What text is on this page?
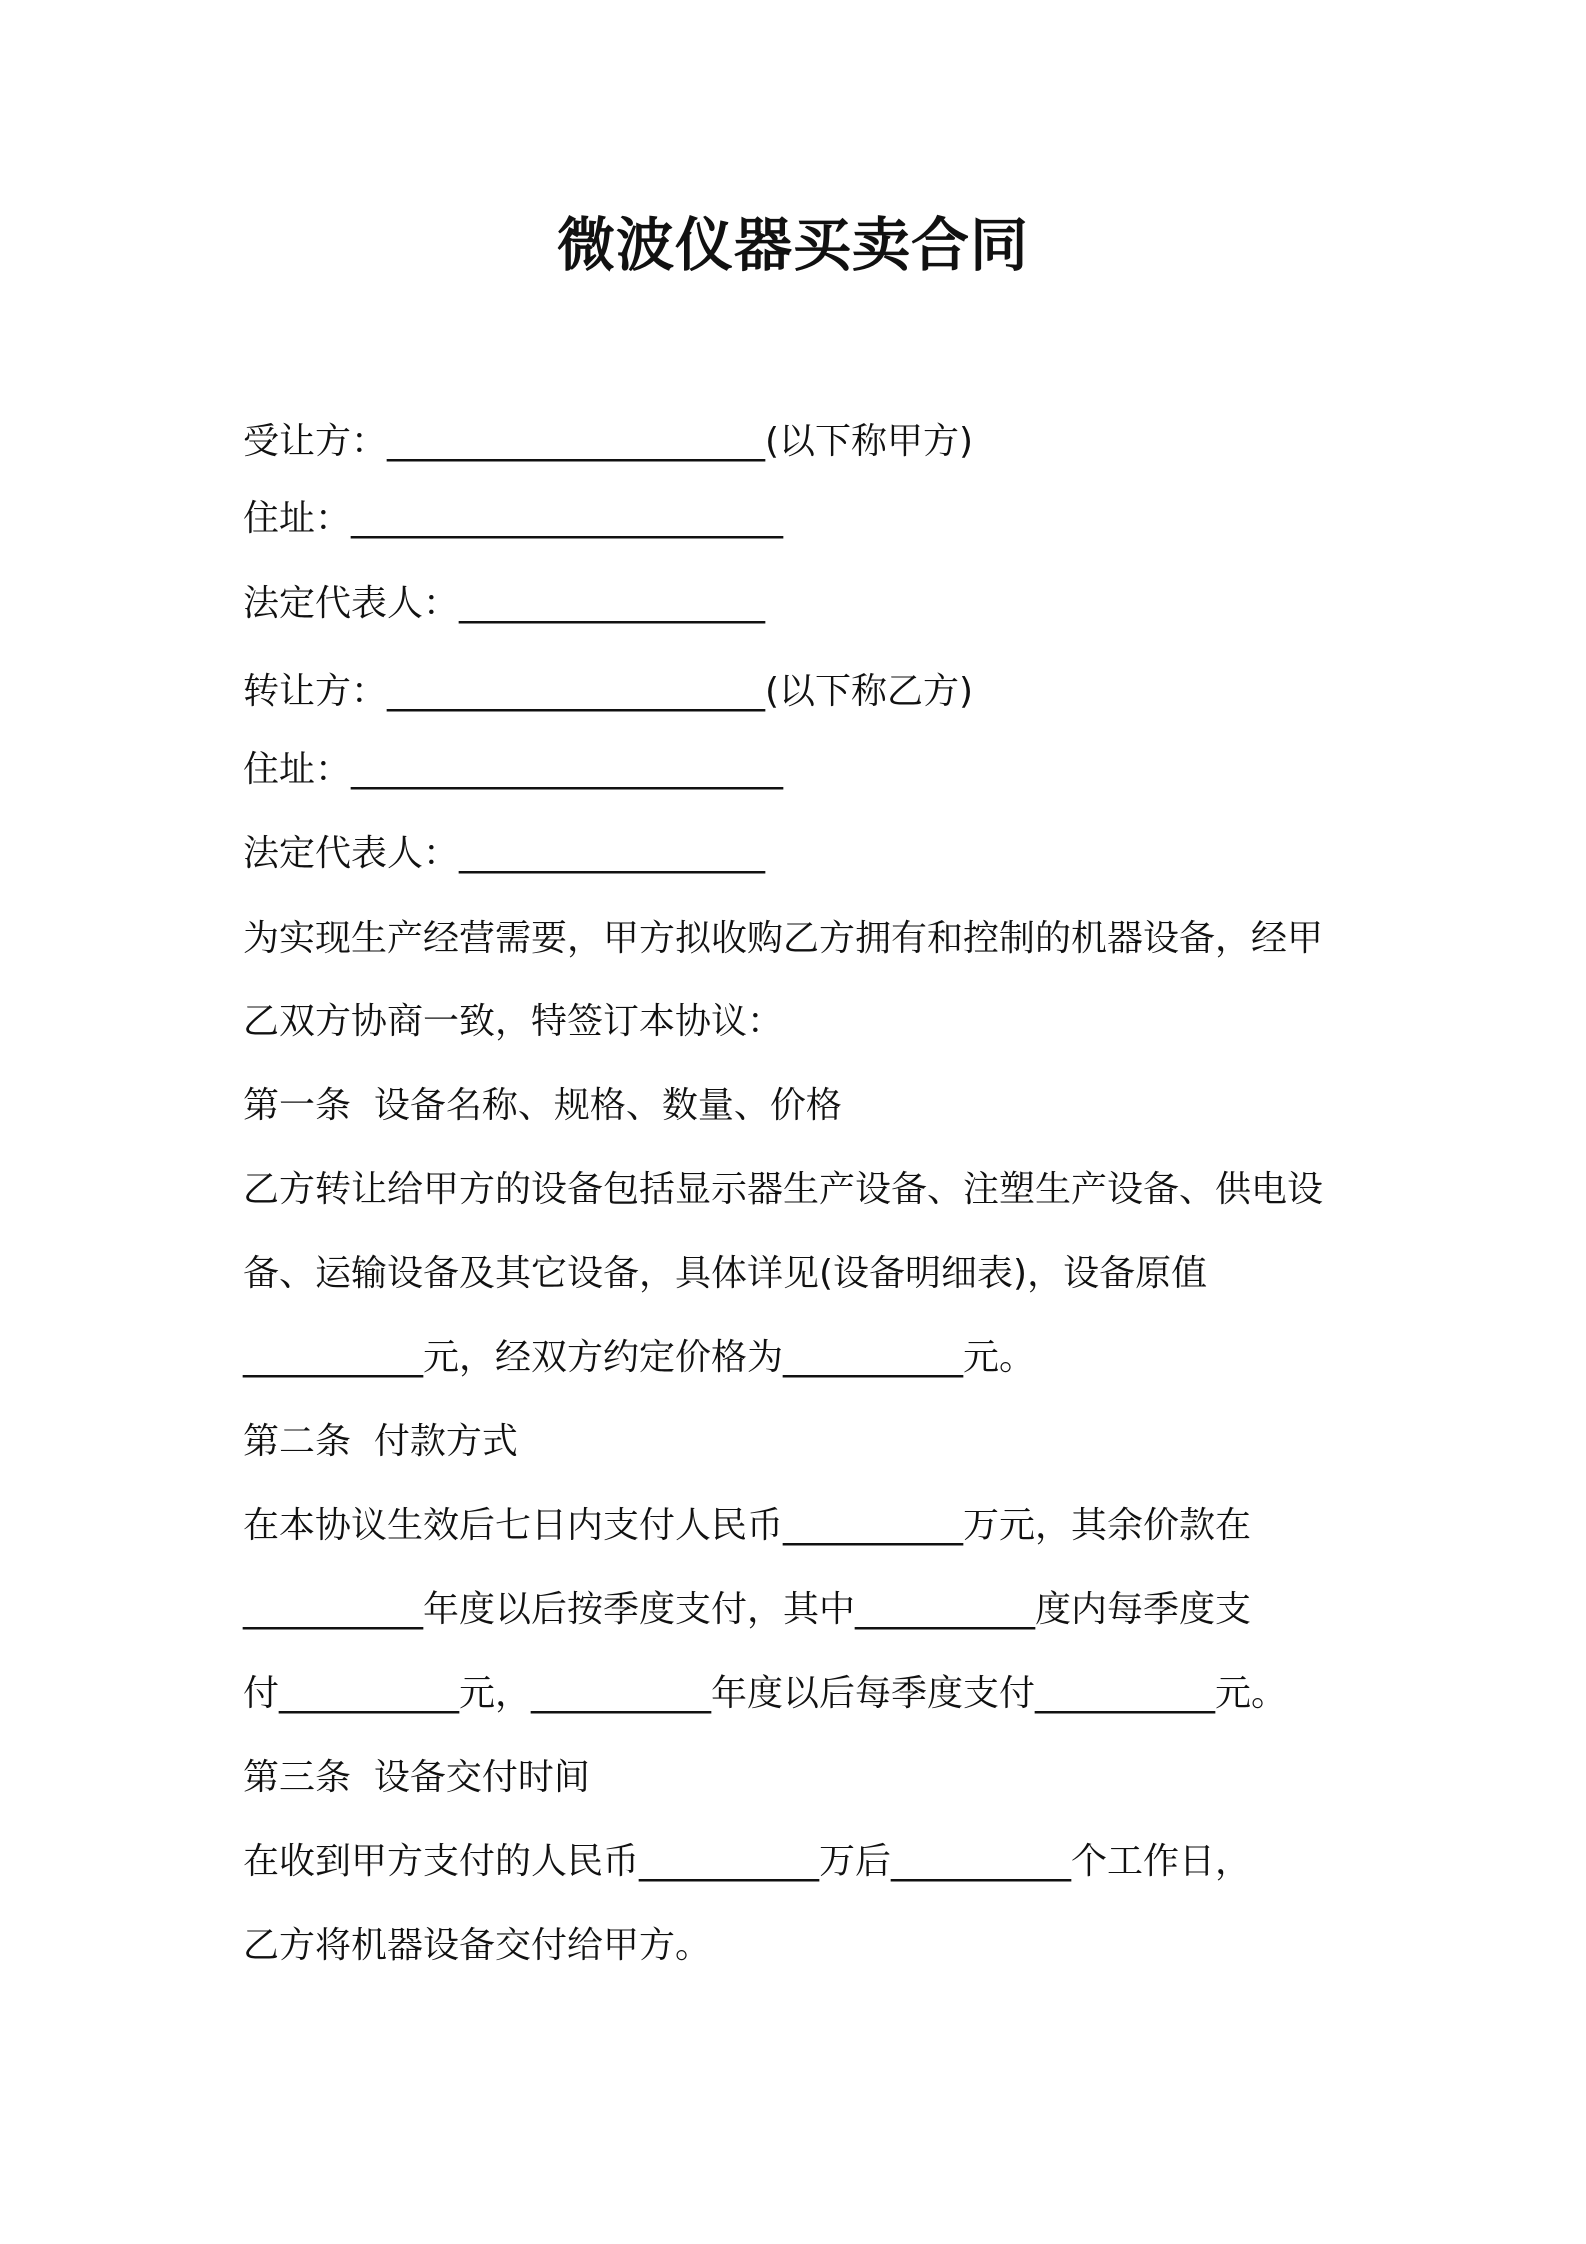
微波仪器买卖合同
受让方：_____________________(以下称甲方)
住址：________________________
法定代表人：_________________
转让方：_____________________(以下称乙方)
住址：________________________
法定代表人：_________________
为实现生产经营需要，甲方拟收购乙方拥有和控制的机器设备，经甲
乙双方协商一致，特签订本协议：
第一条  设备名称、规格、数量、价格
乙方转让给甲方的设备包括显示器生产设备、注塑生产设备、供电设
备、运输设备及其它设备，具体详见(设备明细表)，设备原值
__________元，经双方约定价格为__________元。
第二条  付款方式
在本协议生效后七日内支付人民币__________万元，其余价款在
__________年度以后按季度支付，其中__________度内每季度支
付__________元，__________年度以后每季度支付__________元。
第三条  设备交付时间
在收到甲方支付的人民币__________万后__________个工作日，
乙方将机器设备交付给甲方。
